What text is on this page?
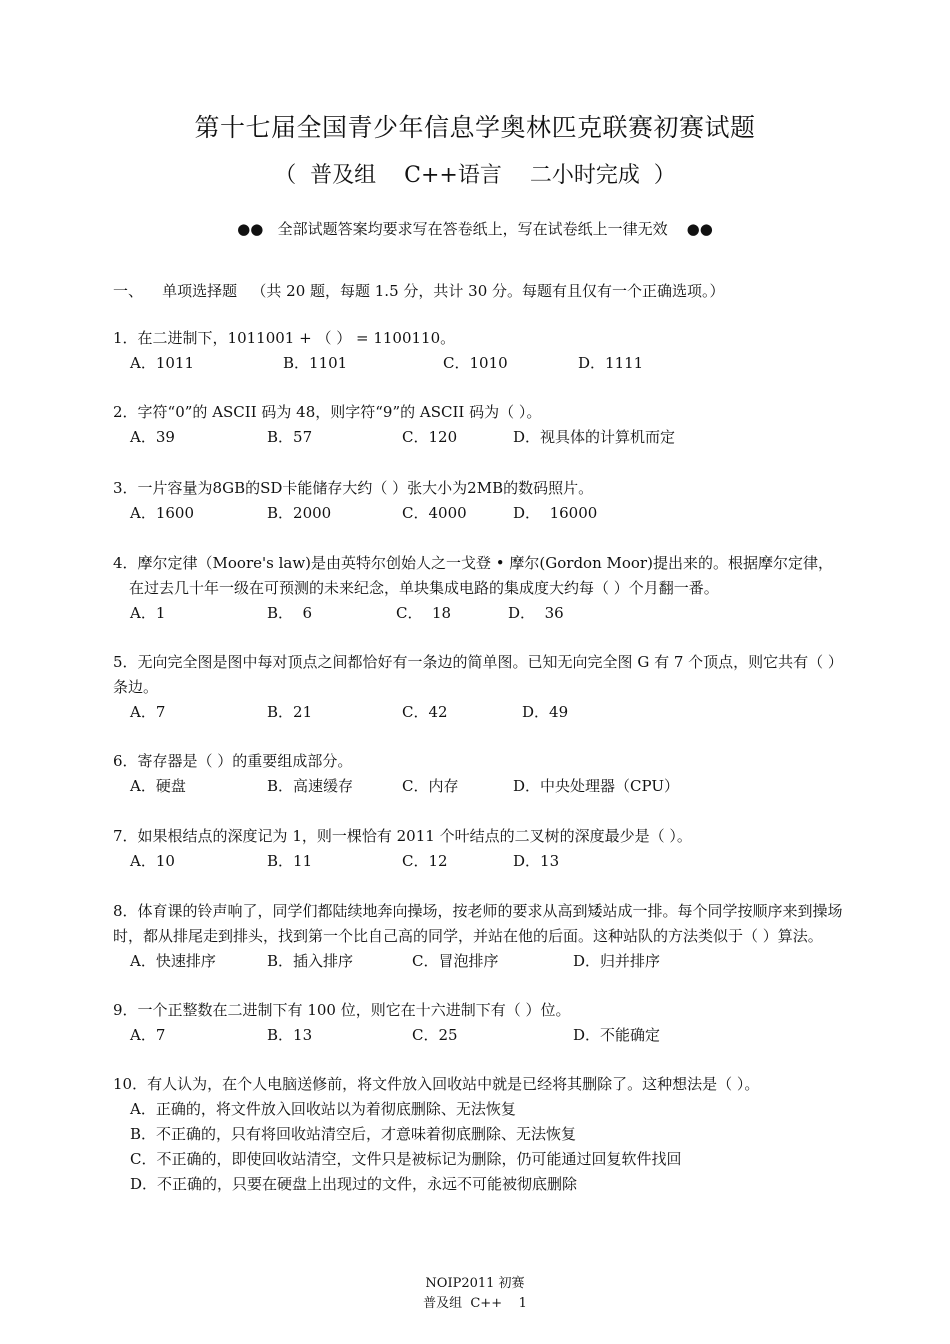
第十七届全国青少年信息学奥林匹克联赛初赛试题
（  普及组    C++语言    二小时完成  ）
●●   全部试题答案均要求写在答卷纸上，写在试卷纸上一律无效    ●●
一、    单项选择题   （共 20 题，每题 1.5 分，共计 30 分。每题有且仅有一个正确选项。）

1．在二进制下，1011001 + （ ） = 1100110。

A．1011	B．1101	C．1010	D．1111

2．字符“0”的 ASCII 码为 48，则字符“9”的 ASCII 码为（ ）。

A．39	B．57	C．120	D．视具体的计算机而定

3．一片容量为8GB的SD卡能储存大约（ ）张大小为2MB的数码照片。

A．1600	B．2000	C．4000	D．  16000

4．摩尔定律（Moore's law)是由英特尔创始人之一戈登 • 摩尔(Gordon Moor)提出来的。根据摩尔定律，在过去几十年一级在可预测的未来纪念，单块集成电路的集成度大约每（ ）个月翻一番。

A．1	B．  6	C．  18	D．  36

5．无向完全图是图中每对顶点之间都恰好有一条边的简单图。已知无向完全图 G 有 7 个顶点，则它共有（ ）条边。

A．7	B．21	C．42	D．49

6．寄存器是（ ）的重要组成部分。

A．硬盘	B．高速缓存	C．内存	D．中央处理器（CPU）

7．如果根结点的深度记为 1，则一棵恰有 2011 个叶结点的二叉树的深度最少是（ ）。

A．10	B．11	C．12	D．13

8．体育课的铃声响了，同学们都陆续地奔向操场，按老师的要求从高到矮站成一排。每个同学按顺序来到操场时，都从排尾走到排头，找到第一个比自己高的同学，并站在他的后面。这种站队的方法类似于（ ）算法。

A．快速排序	B．插入排序	C．冒泡排序	D．归并排序

9．一个正整数在二进制下有 100 位，则它在十六进制下有（ ）位。

A．7	B．13	C．25	D．不能确定

10．有人认为，在个人电脑送修前，将文件放入回收站中就是已经将其删除了。这种想法是（ ）。

A．正确的，将文件放入回收站以为着彻底删除、无法恢复
B．不正确的，只有将回收站清空后，才意味着彻底删除、无法恢复
C．不正确的，即使回收站清空，文件只是被标记为删除，仍可能通过回复软件找回
D．不正确的，只要在硬盘上出现过的文件，永远不可能被彻底删除
NOIP2011 初赛
普及组  C++    1
